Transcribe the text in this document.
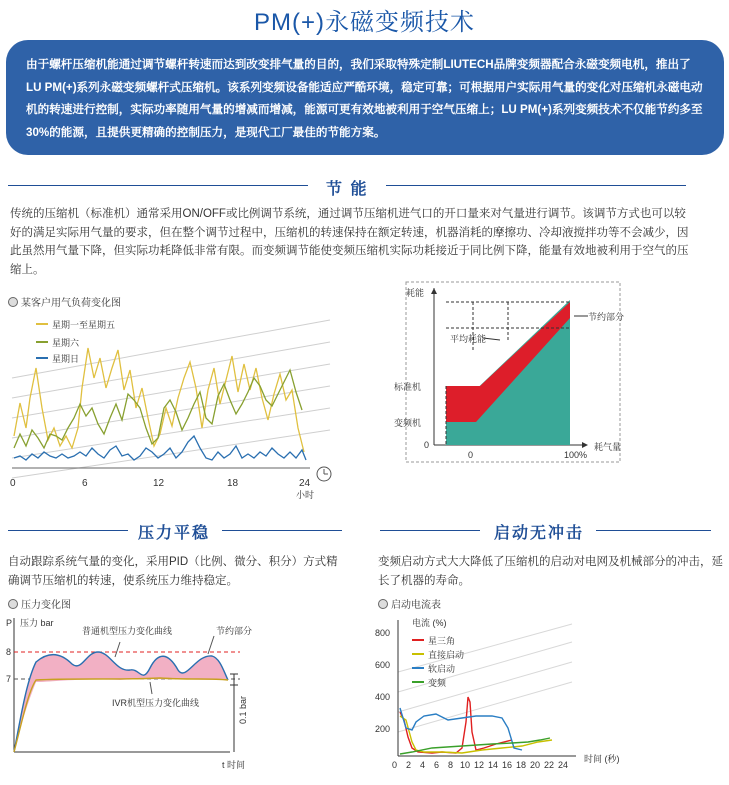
PM(+)永磁变频技术

由于螺杆压缩机能通过调节螺杆转速而达到改变排气量的目的，我们采取特殊定制LIUTECH品牌变频器配合永磁变频电机，推出了LU PM(+)系列永磁变频螺杆式压缩机。该系列变频设备能适应严酷环境，稳定可靠；可根据用户实际用气量的变化对压缩机永磁电动机的转速进行控制，实际功率随用气量的增减而增减，能源可更有效地被利用于空气压缩上；LU PM(+)系列变频技术不仅能节约多至30%的能源，且提供更精确的控制压力，是现代工厂最佳的节能方案。

节 能

传统的压缩机（标准机）通常采用ON/OFF或比例调节系统，通过调节压缩机进气口的开口量来对气量进行调节。该调节方式也可以较好的满足实际用气量的要求，但在整个调节过程中，压缩机的转速保持在额定转速，机器消耗的摩擦功、冷却液搅拌功等不会减少，因此虽然用气量下降，但实际功耗降低非常有限。而变频调节能使变频压缩机实际功耗接近于同比例下降，能量有效地被利用于空气的压缩上。

某客户用气负荷变化图
星期一至星期五
星期六
星期日
0	6	12	18	24
小时
耗能
节约部分
平均耗能
标准机
变频机
0
0	100%
耗气量
压力平稳

自动跟踪系统气量的变化，采用PID（比例、微分、积分）方式精确调节压缩机的转速，使系统压力维持稳定。

压力变化图
P 压力 bar
8
7
普通机型压力变化曲线	节约部分
IVR机型压力变化曲线	0.1 bar
t 时间
启动无冲击

变频启动方式大大降低了压缩机的启动对电网及机械部分的冲击，延长了机器的寿命。

启动电流表
星三角
直接启动
软启动
变频
电流 (%)
800
600
400
200
0 2 4 6 8 10 12 14 16 18 20 22 24
时间 (秒)
